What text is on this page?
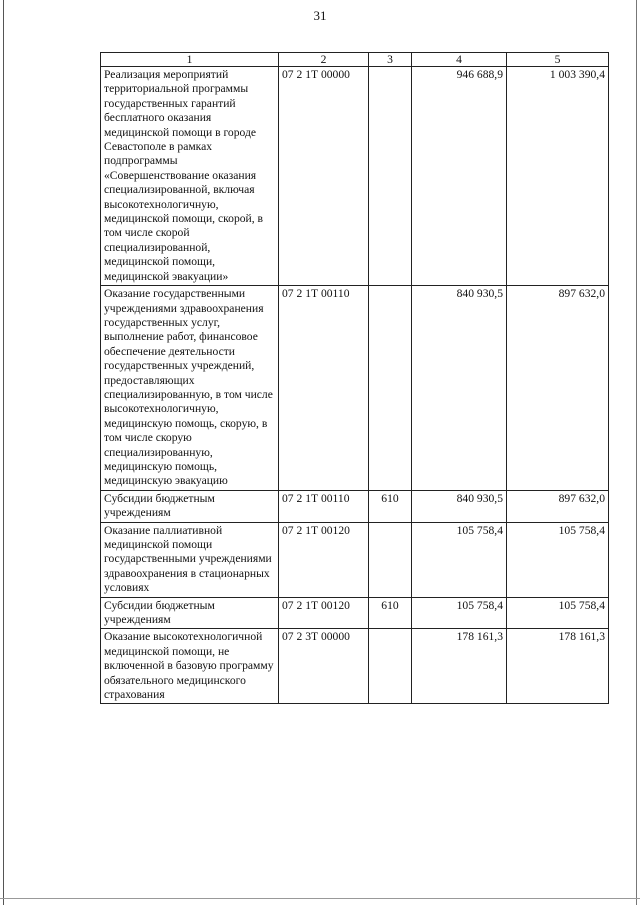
31
1	2	3	4	5
Реализация мероприятий территориальной программы государственных гарантий бесплатного оказания медицинской помощи в городе Севастополе в рамках подпрограммы «Совершенствование оказания специализированной, включая высокотехнологичную, медицинской помощи, скорой, в том числе скорой специализированной, медицинской помощи, медицинской эвакуации»	07 2 1Т 00000		946 688,9	1 003 390,4
Оказание государственными учреждениями здравоохранения государственных услуг, выполнение работ, финансовое обеспечение деятельности государственных учреждений, предоставляющих специализированную, в том числе высокотехнологичную, медицинскую помощь, скорую, в том числе скорую специализированную, медицинскую помощь, медицинскую эвакуацию	07 2 1Т 00110		840 930,5	897 632,0
Субсидии бюджетным учреждениям	07 2 1Т 00110	610	840 930,5	897 632,0
Оказание паллиативной медицинской помощи государственными учреждениями здравоохранения в стационарных условиях	07 2 1Т 00120		105 758,4	105 758,4
Субсидии бюджетным учреждениям	07 2 1Т 00120	610	105 758,4	105 758,4
Оказание высокотехнологичной медицинской помощи, не включенной в базовую программу обязательного медицинского страхования	07 2 3Т 00000		178 161,3	178 161,3
